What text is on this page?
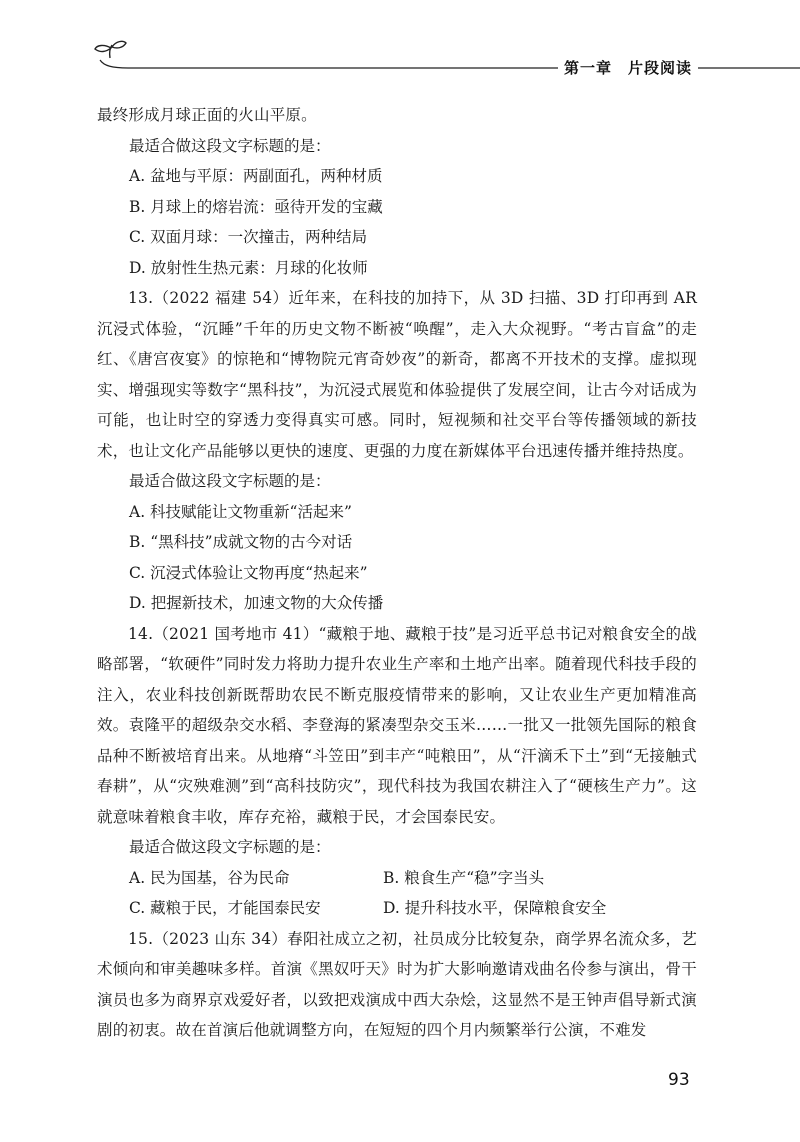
第一章　片段阅读

最终形成月球正面的火山平原。

最适合做这段文字标题的是：

A. 盆地与平原：两副面孔，两种材质

B. 月球上的熔岩流：亟待开发的宝藏

C. 双面月球：一次撞击，两种结局

D. 放射性生热元素：月球的化妆师

13.（2022 福建 54）近年来，在科技的加持下，从 3D 扫描、3D 打印再到 AR 沉浸式体验，“沉睡”千年的历史文物不断被“唤醒”，走入大众视野。“考古盲盒”的走红、《唐宫夜宴》的惊艳和“博物院元宵奇妙夜”的新奇，都离不开技术的支撑。虚拟现实、增强现实等数字“黑科技”，为沉浸式展览和体验提供了发展空间，让古今对话成为可能，也让时空的穿透力变得真实可感。同时，短视频和社交平台等传播领域的新技术，也让文化产品能够以更快的速度、更强的力度在新媒体平台迅速传播并维持热度。

最适合做这段文字标题的是：

A. 科技赋能让文物重新“活起来”

B. “黑科技”成就文物的古今对话

C. 沉浸式体验让文物再度“热起来”

D. 把握新技术，加速文物的大众传播

14.（2021 国考地市 41）“藏粮于地、藏粮于技”是习近平总书记对粮食安全的战略部署，“软硬件”同时发力将助力提升农业生产率和土地产出率。随着现代科技手段的注入，农业科技创新既帮助农民不断克服疫情带来的影响，又让农业生产更加精准高效。袁隆平的超级杂交水稻、李登海的紧凑型杂交玉米……一批又一批领先国际的粮食品种不断被培育出来。从地瘠“斗笠田”到丰产“吨粮田”，从“汗滴禾下土”到“无接触式春耕”，从“灾殃难测”到“高科技防灾”，现代科技为我国农耕注入了“硬核生产力”。这就意味着粮食丰收，库存充裕，藏粮于民，才会国泰民安。

最适合做这段文字标题的是：

A. 民为国基，谷为民命	B. 粮食生产“稳”字当头

C. 藏粮于民，才能国泰民安	D. 提升科技水平，保障粮食安全

15.（2023 山东 34）春阳社成立之初，社员成分比较复杂，商学界名流众多，艺术倾向和审美趣味多样。首演《黑奴吁天》时为扩大影响邀请戏曲名伶参与演出，骨干演员也多为商界京戏爱好者，以致把戏演成中西大杂烩，这显然不是王钟声倡导新式演剧的初衷。故在首演后他就调整方向，在短短的四个月内频繁举行公演，不难发

93
